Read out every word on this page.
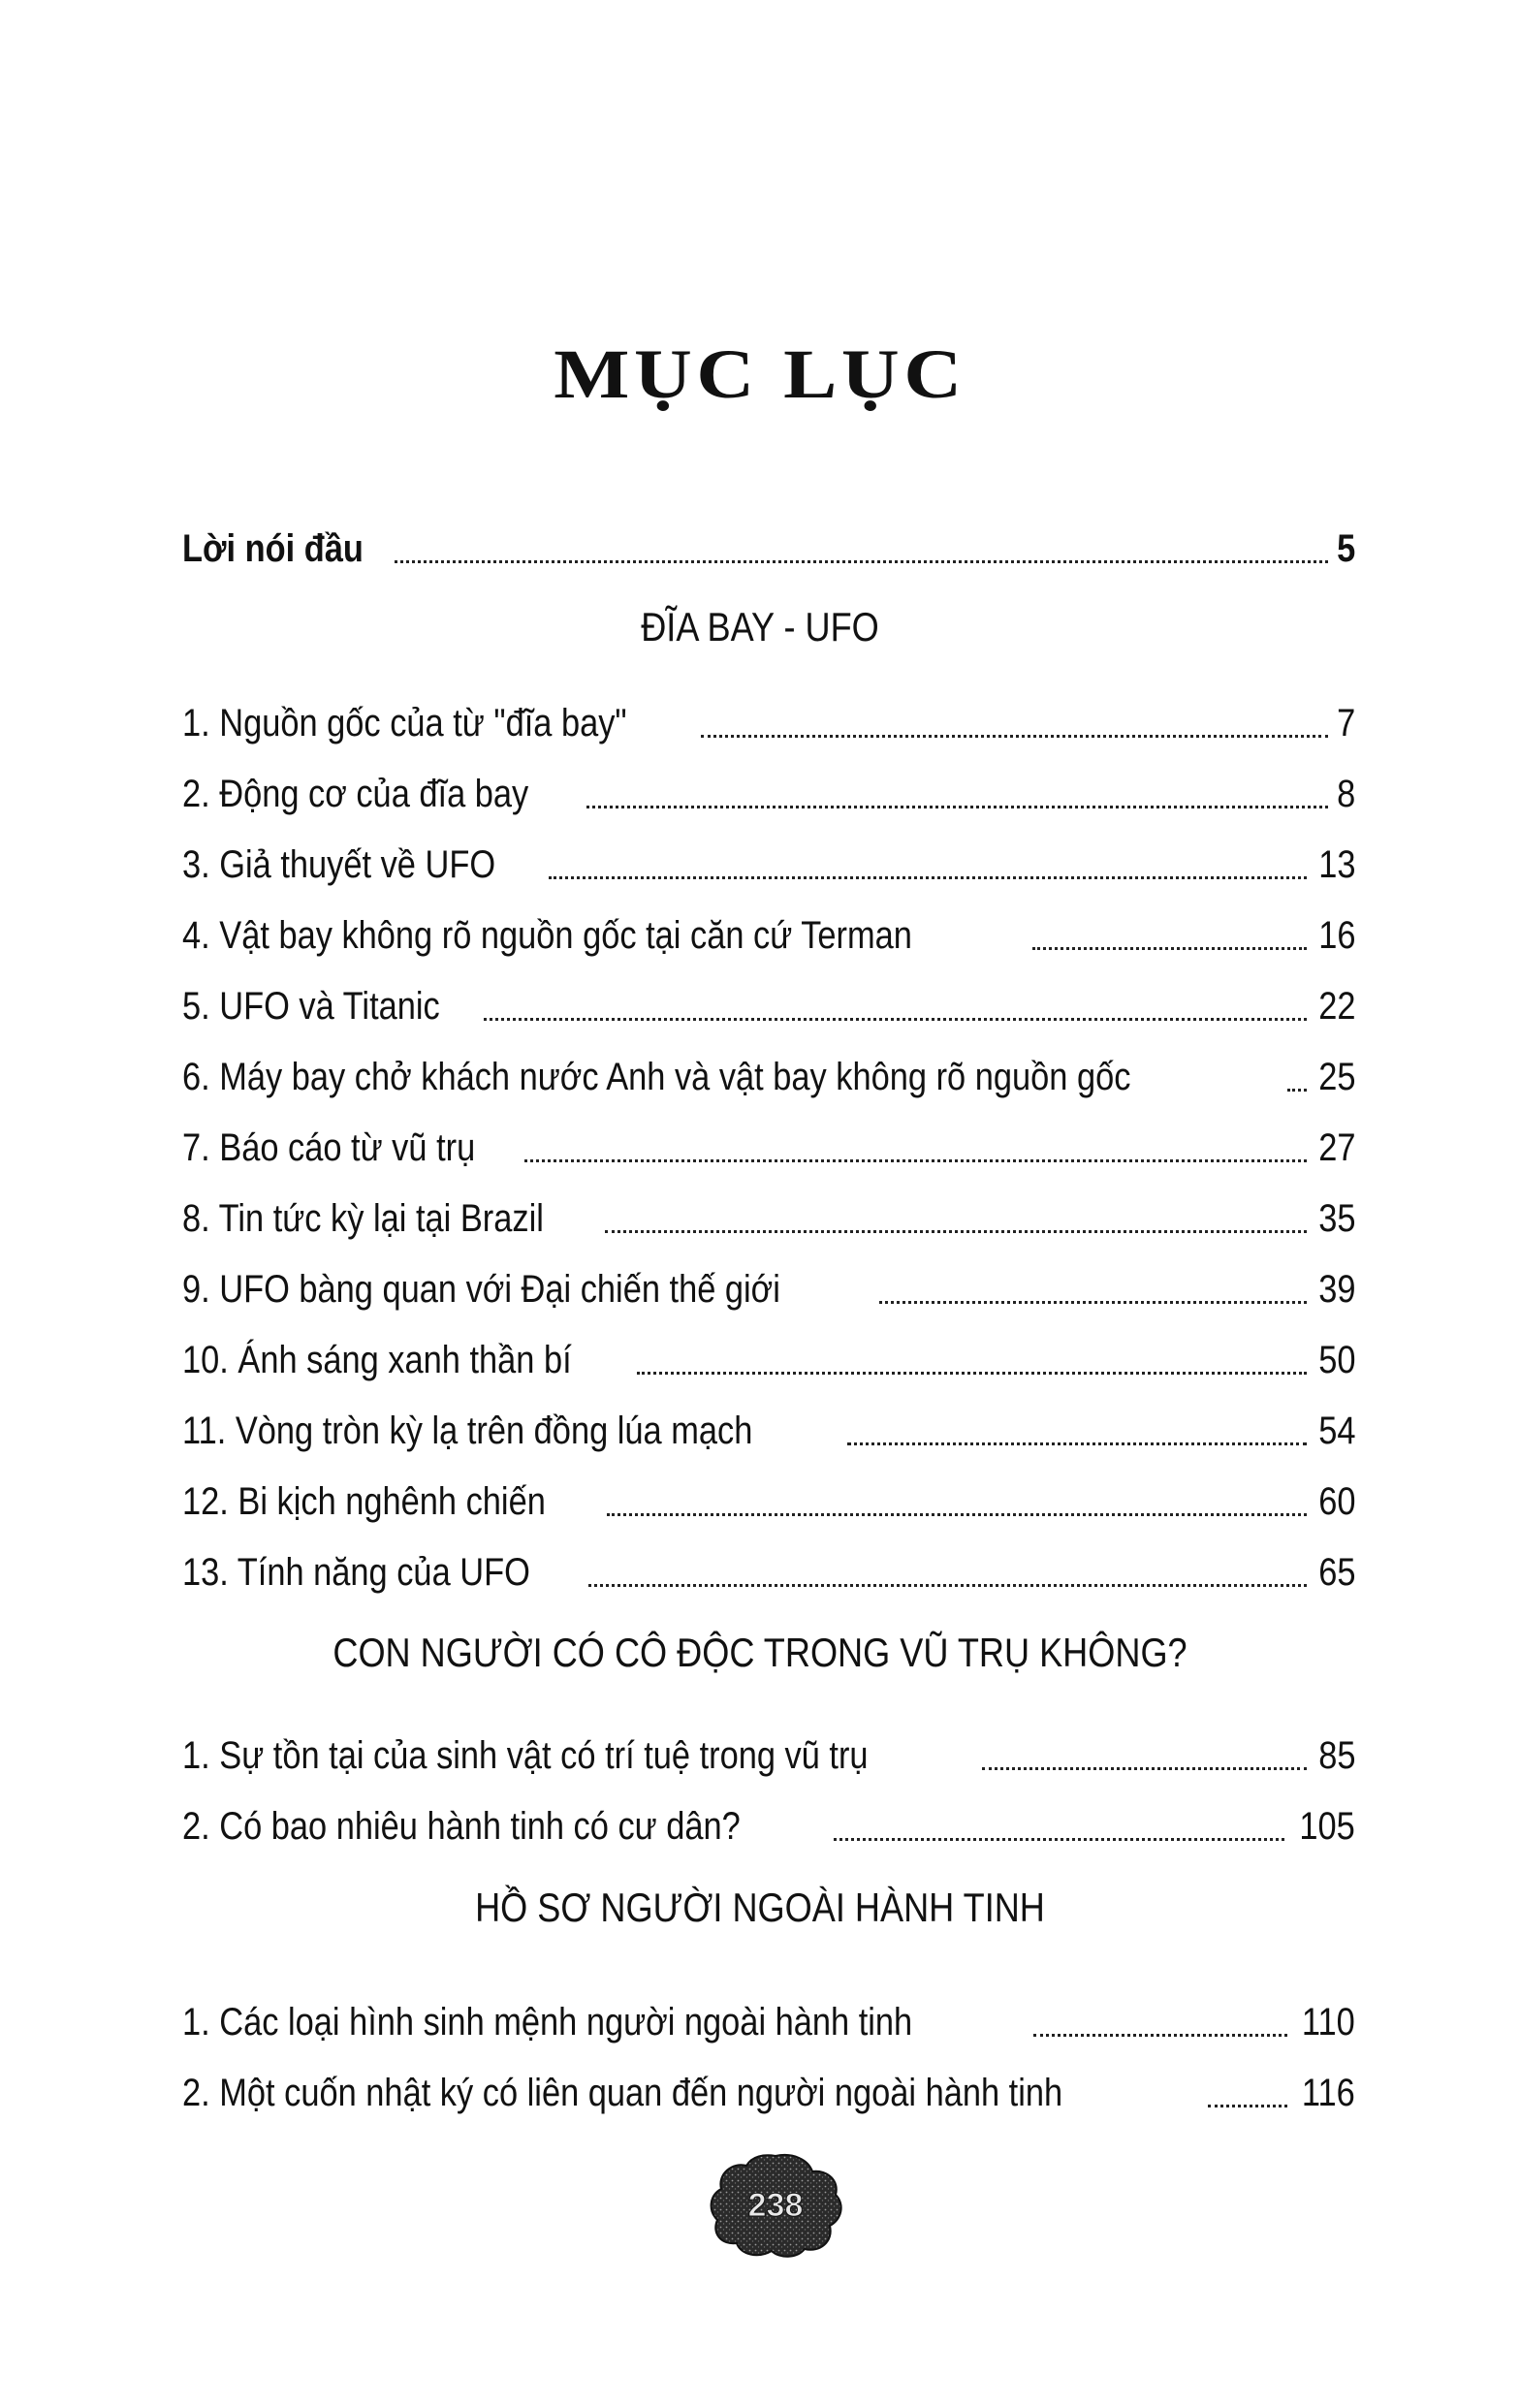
MỤC LỤC
Lời nói đầu	5
ĐĨA BAY - UFO
1. Nguồn gốc của từ "đĩa bay"	7
2. Động cơ của đĩa bay	8
3. Giả thuyết về UFO	13
4. Vật bay không rõ nguồn gốc tại căn cứ Terman	16
5. UFO và Titanic	22
6. Máy bay chở khách nước Anh và vật bay không rõ nguồn gốc	25
7. Báo cáo từ vũ trụ	27
8. Tin tức kỳ lại tại Brazil	35
9. UFO bàng quan với Đại chiến thế giới	39
10. Ánh sáng xanh thần bí	50
11. Vòng tròn kỳ lạ trên đồng lúa mạch	54
12. Bi kịch nghênh chiến	60
13. Tính năng của UFO	65
CON NGƯỜI CÓ CÔ ĐỘC TRONG VŨ TRỤ KHÔNG?
1. Sự tồn tại của sinh vật có trí tuệ trong vũ trụ	85
2. Có bao nhiêu hành tinh có cư dân?	105
HỒ SƠ NGƯỜI NGOÀI HÀNH TINH
1. Các loại hình sinh mệnh người ngoài hành tinh	110
2. Một cuốn nhật ký có liên quan đến người ngoài hành tinh	116
238
